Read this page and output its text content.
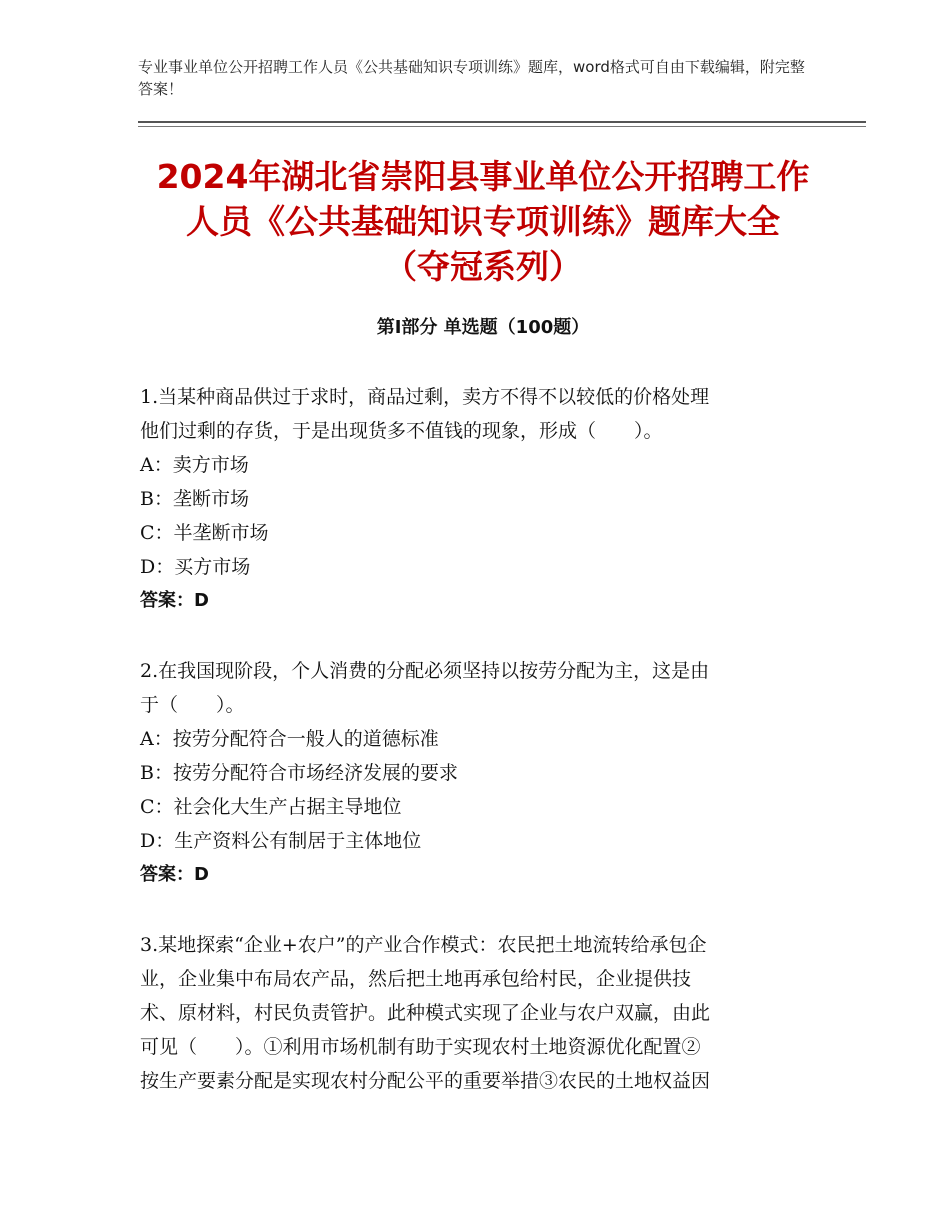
专业事业单位公开招聘工作人员《公共基础知识专项训练》题库，word格式可自由下载编辑，附完整答案！
2024年湖北省崇阳县事业单位公开招聘工作
人员《公共基础知识专项训练》题库大全
（夺冠系列）
第Ⅰ部分 单选题（100题）
1.当某种商品供过于求时，商品过剩，卖方不得不以较低的价格处理
他们过剩的存货，于是出现货多不值钱的现象，形成（　　）。
A：卖方市场
B：垄断市场
C：半垄断市场
D：买方市场
答案：D
2.在我国现阶段，个人消费的分配必须坚持以按劳分配为主，这是由
于（　　）。
A：按劳分配符合一般人的道德标准
B：按劳分配符合市场经济发展的要求
C：社会化大生产占据主导地位
D：生产资料公有制居于主体地位
答案：D
3.某地探索“企业+农户”的产业合作模式：农民把土地流转给承包企
业，企业集中布局农产品，然后把土地再承包给村民，企业提供技
术、原材料，村民负责管护。此种模式实现了企业与农户双赢，由此
可见（　　）。①利用市场机制有助于实现农村土地资源优化配置②
按生产要素分配是实现农村分配公平的重要举措③农民的土地权益因
